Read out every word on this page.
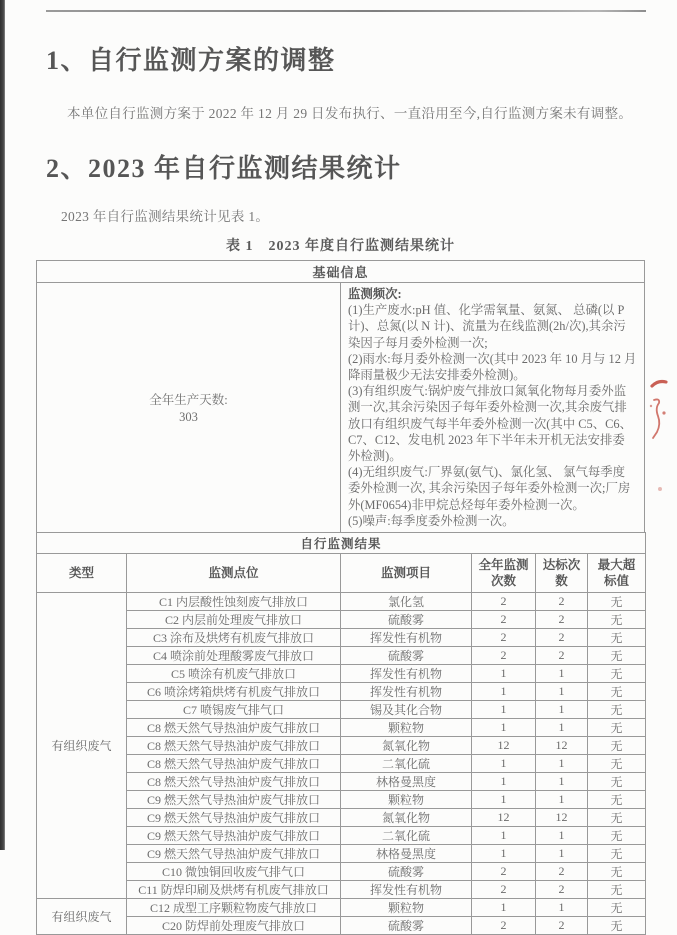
1、自行监测方案的调整

本单位自行监测方案于 2022 年 12 月 29 日发布执行、一直沿用至今,自行监测方案未有调整。

2、2023 年自行监测结果统计

2023 年自行监测结果统计见表 1。

表 1　2023 年度自行监测结果统计
基础信息

全年生产天数:
303

监测频次:
(1)生产废水:pH 值、化学需氧量、氨氮、 总磷(以 P 计)、总氮(以 N 计)、流量为在线监测(2h/次),其余污染因子每月委外检测一次;
(2)雨水:每月委外检测一次(其中 2023 年 10 月与 12 月降雨量极少无法安排委外检测)。
(3)有组织废气:锅炉废气排放口氮氧化物每月委外监测一次,其余污染因子每年委外检测一次,其余废气排放口有组织废气每半年委外检测一次(其中 C5、C6、C7、C12、发电机 2023 年下半年未开机无法安排委外检测)。
(4)无组织废气:厂界氨(氨气)、氯化氢、 氯气每季度委外检测一次, 其余污染因子每年委外检测一次;厂房外(MF0654)非甲烷总烃每年委外检测一次。
(5)噪声:每季度委外检测一次。
自行监测结果					
类型	监测点位	监测项目	全年监测次数	达标次数	最大超标值
有组织废气	C1 内层酸性蚀刻废气排放口	氯化氢	2	2	无
	C2 内层前处理废气排放口	硫酸雾	2	2	无
	C3 涂布及烘烤有机废气排放口	挥发性有机物	2	2	无
	C4 喷涂前处理酸雾废气排放口	硫酸雾	2	2	无
	C5 喷涂有机废气排放口	挥发性有机物	1	1	无
	C6 喷涂烤箱烘烤有机废气排放口	挥发性有机物	1	1	无
	C7 喷锡废气排气口	锡及其化合物	1	1	无
	C8 燃天然气导热油炉废气排放口	颗粒物	1	1	无
	C8 燃天然气导热油炉废气排放口	氮氧化物	12	12	无
	C8 燃天然气导热油炉废气排放口	二氧化硫	1	1	无
	C8 燃天然气导热油炉废气排放口	林格曼黑度	1	1	无
	C9 燃天然气导热油炉废气排放口	颗粒物	1	1	无
	C9 燃天然气导热油炉废气排放口	氮氧化物	12	12	无
	C9 燃天然气导热油炉废气排放口	二氧化硫	1	1	无
	C9 燃天然气导热油炉废气排放口	林格曼黑度	1	1	无
	C10 微蚀铜回收废气排气口	硫酸雾	2	2	无
	C11 防焊印刷及烘烤有机废气排放口	挥发性有机物	2	2	无
有组织废气	C12 成型工序颗粒物废气排放口	颗粒物	1	1	无
	C20 防焊前处理废气排放口	硫酸雾	2	2	无
